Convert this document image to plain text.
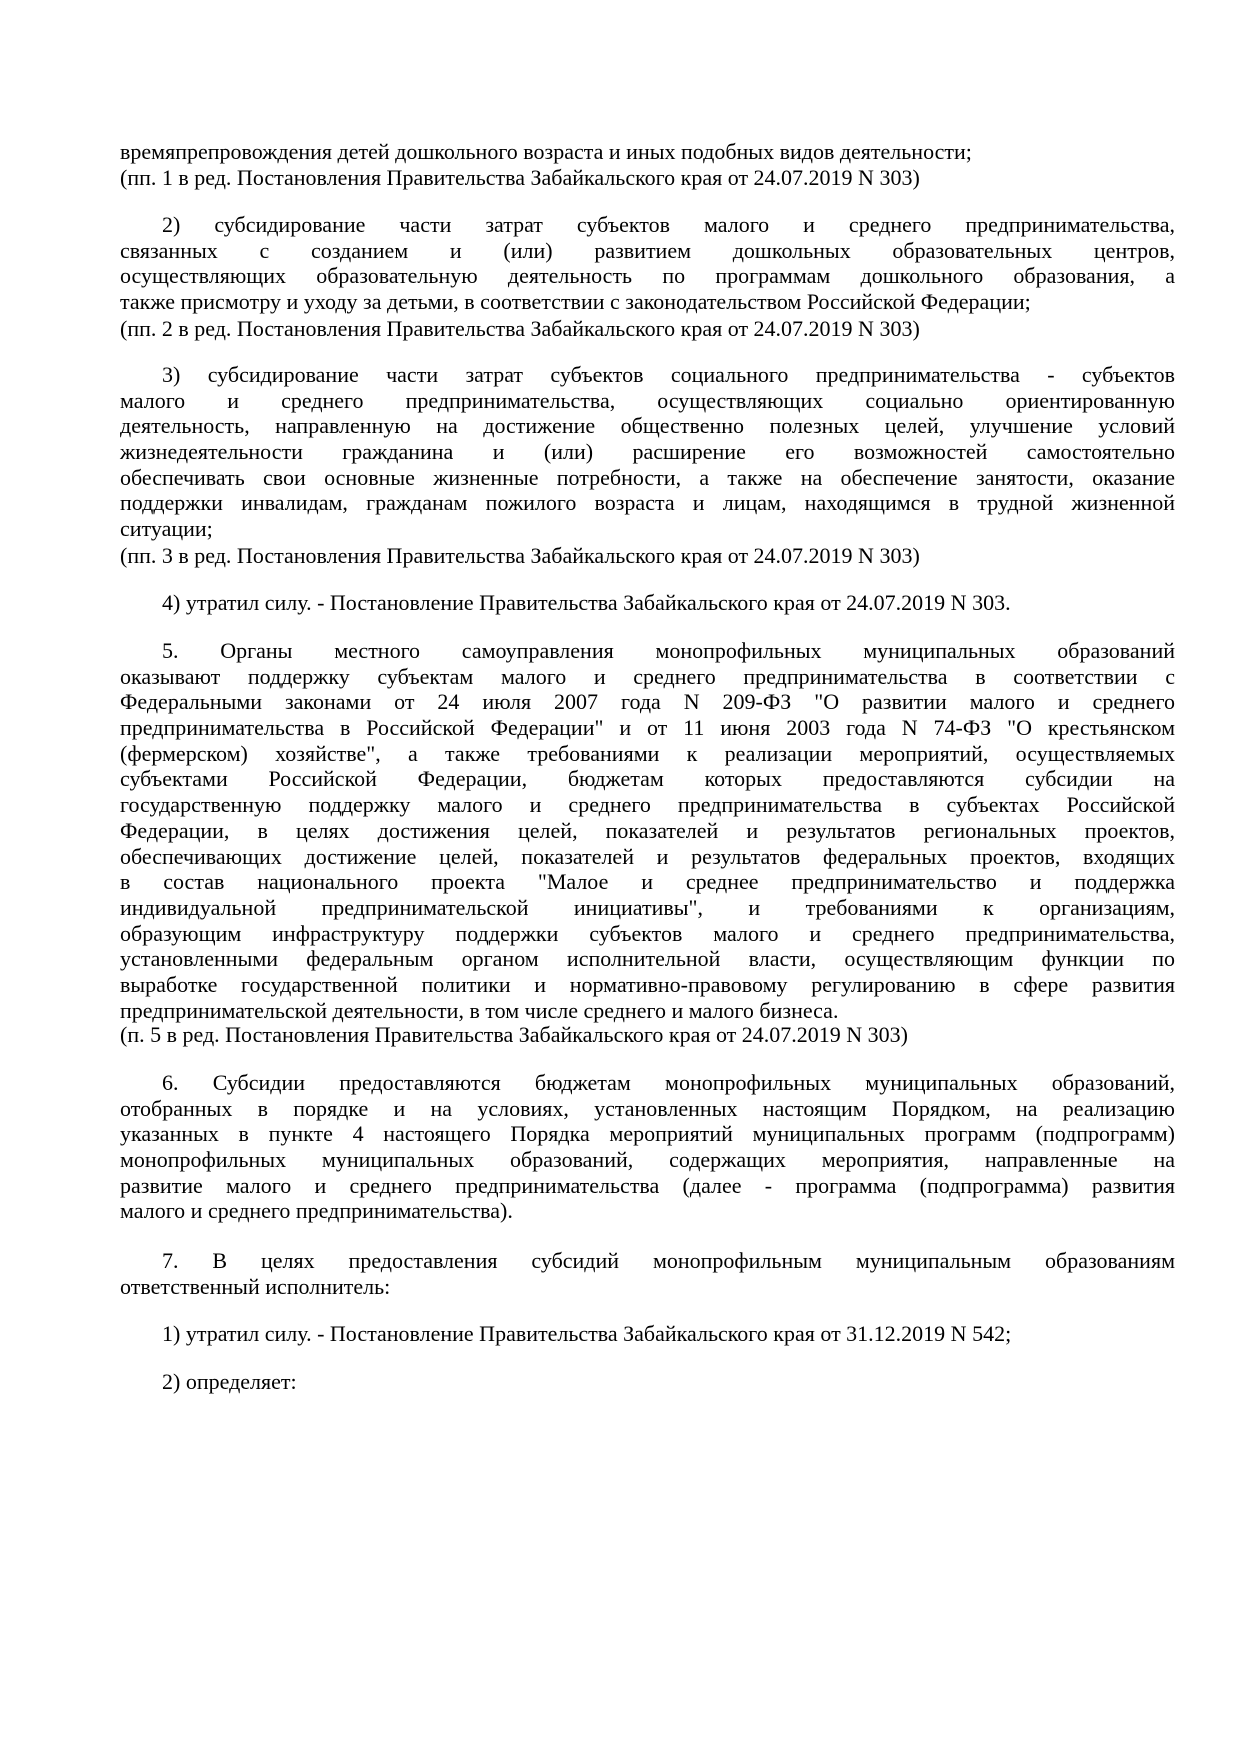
времяпрепровождения детей дошкольного возраста и иных подобных видов деятельности;
(пп. 1 в ред. Постановления Правительства Забайкальского края от 24.07.2019 N 303)
2) субсидирование части затрат субъектов малого и среднего предпринимательства,
связанных с созданием и (или) развитием дошкольных образовательных центров,
осуществляющих образовательную деятельность по программам дошкольного образования, а
также присмотру и уходу за детьми, в соответствии с законодательством Российской Федерации;
(пп. 2 в ред. Постановления Правительства Забайкальского края от 24.07.2019 N 303)
3) субсидирование части затрат субъектов социального предпринимательства - субъектов
малого и среднего предпринимательства, осуществляющих социально ориентированную
деятельность, направленную на достижение общественно полезных целей, улучшение условий
жизнедеятельности гражданина и (или) расширение его возможностей самостоятельно
обеспечивать свои основные жизненные потребности, а также на обеспечение занятости, оказание
поддержки инвалидам, гражданам пожилого возраста и лицам, находящимся в трудной жизненной
ситуации;
(пп. 3 в ред. Постановления Правительства Забайкальского края от 24.07.2019 N 303)
4) утратил силу. - Постановление Правительства Забайкальского края от 24.07.2019 N 303.
5. Органы местного самоуправления монопрофильных муниципальных образований
оказывают поддержку субъектам малого и среднего предпринимательства в соответствии с
Федеральными законами от 24 июля 2007 года N 209-ФЗ "О развитии малого и среднего
предпринимательства в Российской Федерации" и от 11 июня 2003 года N 74-ФЗ "О крестьянском
(фермерском) хозяйстве", а также требованиями к реализации мероприятий, осуществляемых
субъектами Российской Федерации, бюджетам которых предоставляются субсидии на
государственную поддержку малого и среднего предпринимательства в субъектах Российской
Федерации, в целях достижения целей, показателей и результатов региональных проектов,
обеспечивающих достижение целей, показателей и результатов федеральных проектов, входящих
в состав национального проекта "Малое и среднее предпринимательство и поддержка
индивидуальной предпринимательской инициативы", и требованиями к организациям,
образующим инфраструктуру поддержки субъектов малого и среднего предпринимательства,
установленными федеральным органом исполнительной власти, осуществляющим функции по
выработке государственной политики и нормативно-правовому регулированию в сфере развития
предпринимательской деятельности, в том числе среднего и малого бизнеса.
(п. 5 в ред. Постановления Правительства Забайкальского края от 24.07.2019 N 303)
6. Субсидии предоставляются бюджетам монопрофильных муниципальных образований,
отобранных в порядке и на условиях, установленных настоящим Порядком, на реализацию
указанных в пункте 4 настоящего Порядка мероприятий муниципальных программ (подпрограмм)
монопрофильных муниципальных образований, содержащих мероприятия, направленные на
развитие малого и среднего предпринимательства (далее - программа (подпрограмма) развития
малого и среднего предпринимательства).
7. В целях предоставления субсидий монопрофильным муниципальным образованиям
ответственный исполнитель:
1) утратил силу. - Постановление Правительства Забайкальского края от 31.12.2019 N 542;
2) определяет:
